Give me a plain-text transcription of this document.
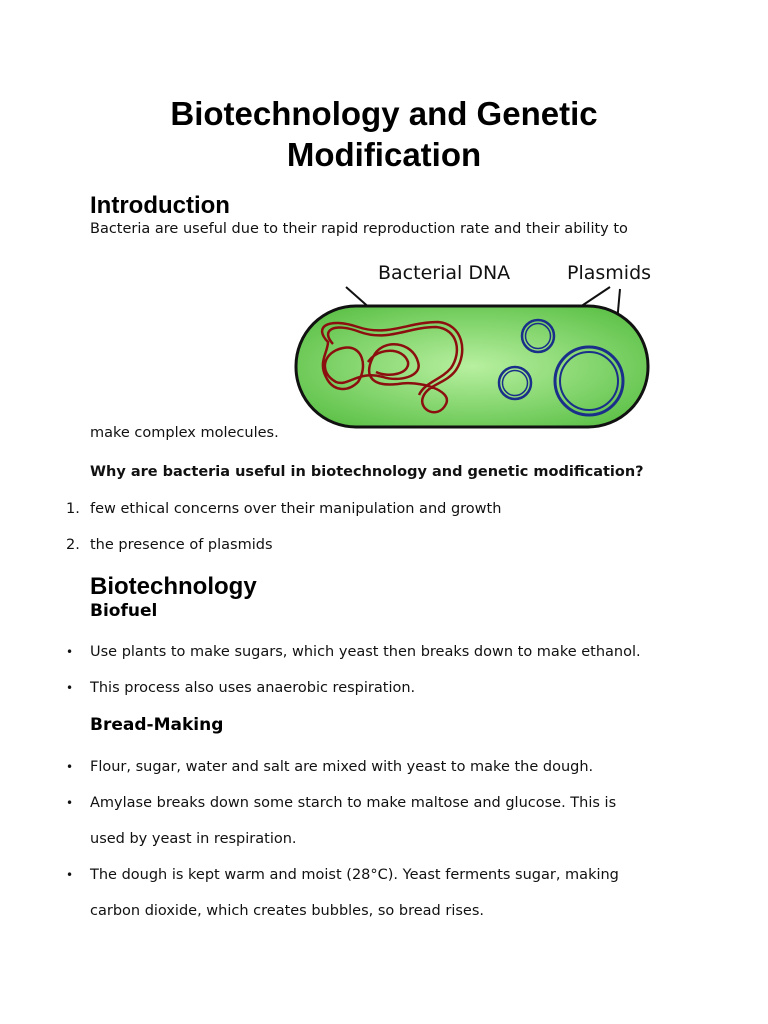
Biotechnology and Genetic
Modification
Introduction

Bacteria are useful due to their rapid reproduction rate and their ability to

Bacterial DNA	Plasmids

make complex molecules.

Why are bacteria useful in biotechnology and genetic modification?

1. few ethical concerns over their manipulation and growth

2. the presence of plasmids

Biotechnology
Biofuel
• Use plants to make sugars, which yeast then breaks down to make ethanol.

• This process also uses anaerobic respiration.

Bread-Making
• Flour, sugar, water and salt are mixed with yeast to make the dough.

• Amylase breaks down some starch to make maltose and glucose. This is

used by yeast in respiration.

• The dough is kept warm and moist (28°C). Yeast ferments sugar, making

carbon dioxide, which creates bubbles, so bread rises.
